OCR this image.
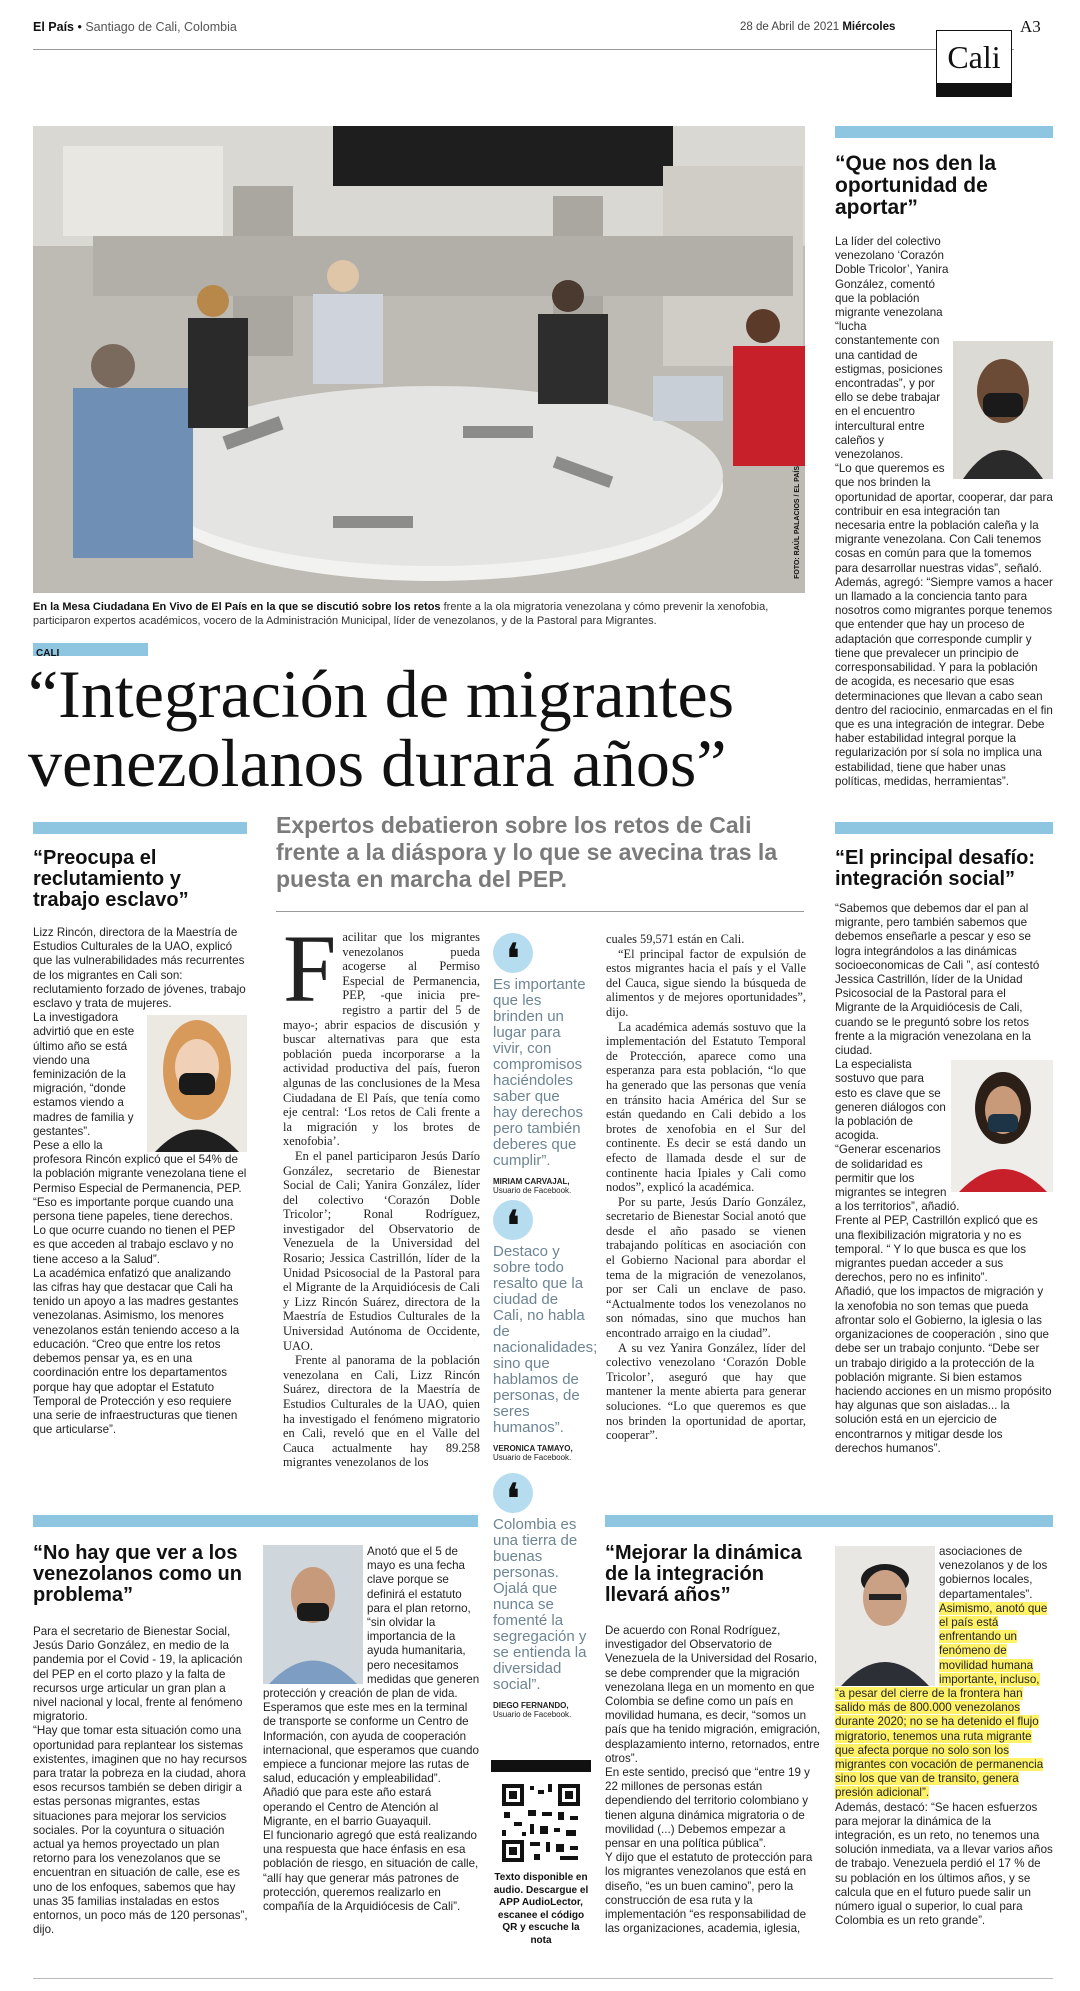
El País • Santiago de Cali, Colombia	28 de Abril de 2021 Miércoles	A3
Cali
FOTO: RAÚL PALACIOS / EL PAÍS
En la Mesa Ciudadana En Vivo de El País en la que se discutió sobre los retos frente a la ola migratoria venezolana y cómo prevenir la xenofobia, participaron expertos académicos, vocero de la Administración Municipal, líder de venezolanos, y de la Pastoral para Migrantes.
CALI
“Integración de migrantes
venezolanos durará años”
Expertos debatieron sobre los retos de Cali frente a la diáspora y lo que se avecina tras la puesta en marcha del PEP.
“Que nos den la oportunidad de aportar”

La líder del colectivo venezolano ‘Corazón Doble Tricolor’, Yanira González, comentó que la población migrante venezolana “lucha constantemente con una cantidad de estigmas, posiciones encontradas”, y por ello se debe trabajar en el encuentro intercultural entre caleños y venezolanos.

“Lo que queremos es que nos brinden la oportunidad de aportar, cooperar, dar para contribuir en esa integración tan necesaria entre la población caleña y la migrante venezolana. Con Cali tenemos cosas en común para que la tomemos para desarrollar nuestras vidas”, señaló.

Además, agregó: “Siempre vamos a hacer un llamado a la conciencia tanto para nosotros como migrantes porque tenemos que entender que hay un proceso de adaptación que corresponde cumplir y tiene que prevalecer un principio de corresponsabilidad. Y para la población de acogida, es necesario que esas determinaciones que llevan a cabo sean dentro del raciocinio, enmarcadas en el fin que es una integración de integrar. Debe haber estabilidad integral porque la regularización por sí sola no implica una estabilidad, tiene que haber unas políticas, medidas, herramientas”.

“Preocupa el reclutamiento y trabajo esclavo”

Lizz Rincón, directora de la Maestría de Estudios Culturales de la UAO, explicó que las vulnerabilidades más recurrentes de los migrantes en Cali son: reclutamiento forzado de jóvenes, trabajo esclavo y trata de mujeres.

La investigadora advirtió que en este último año se está viendo una feminización de la migración, “donde estamos viendo a madres de familia y gestantes”.

Pese a ello la profesora Rincón explicó que el 54% de la población migrante venezolana tiene el Permiso Especial de Permanencia, PEP.

“Eso es importante porque cuando una persona tiene papeles, tiene derechos. Lo que ocurre cuando no tienen el PEP es que acceden al trabajo esclavo y no tiene acceso a la Salud”.

La académica enfatizó que analizando las cifras hay que destacar que Cali ha tenido un apoyo a las madres gestantes venezolanas. Asimismo, los menores venezolanos están teniendo acceso a la educación. “Creo que entre los retos debemos pensar ya, es en una coordinación entre los departamentos porque hay que adoptar el Estatuto Temporal de Protección y eso requiere una serie de infraestructuras que tienen que articularse”.

F acilitar que los migrantes venezolanos pueda acogerse al Permiso Especial de Permanencia, PEP, -que inicia pre-registro a partir del 5 de mayo-; abrir espacios de discusión y buscar alternativas para que esta población pueda incorporarse a la actividad productiva del país, fueron algunas de las conclusiones de la Mesa Ciudadana de El País, que tenía como eje central: ‘Los retos de Cali frente a la migración y los brotes de xenofobia’.

En el panel participaron Jesús Darío González, secretario de Bienestar Social de Cali; Yanira González, líder del colectivo ‘Corazón Doble Tricolor’; Ronal Rodríguez, investigador del Observatorio de Venezuela de la Universidad del Rosario; Jessica Castrillón, líder de la Unidad Psicosocial de la Pastoral para el Migrante de la Arquidiócesis de Cali y Lizz Rincón Suárez, directora de la Maestría de Estudios Culturales de la Universidad Autónoma de Occidente, UAO.

Frente al panorama de la población venezolana en Cali, Lizz Rincón Suárez, directora de la Maestría de Estudios Culturales de la UAO, quien ha investigado el fenómeno migratorio en Cali, reveló que en el Valle del Cauca actualmente hay 89.258 migrantes venezolanos de los

❛
Es importante que les brinden un lugar para vivir, con compromisos haciéndoles saber que hay derechos pero también deberes que cumplir”.
MIRIAM CARVAJAL,
Usuario de Facebook.
❛
Destaco y sobre todo resalto que la ciudad de Cali, no habla de nacionalidades; sino que hablamos de personas, de seres humanos”.
VERONICA TAMAYO,
Usuario de Facebook.
❛
Colombia es una tierra de buenas personas. Ojalá que nunca se fomenté la segregación y se entienda la diversidad social”.
DIEGO FERNANDO,
Usuario de Facebook.

cuales 59,571 están en Cali.

“El principal factor de expulsión de estos migrantes hacia el país y el Valle del Cauca, sigue siendo la búsqueda de alimentos y de mejores oportunidades”, dijo.

La académica además sostuvo que la implementación del Estatuto Temporal de Protección, aparece como una esperanza para esta población, “lo que ha generado que las personas que venía en tránsito hacia América del Sur se están quedando en Cali debido a los brotes de xenofobia en el Sur del continente. Es decir se está dando un efecto de llamada desde el sur de continente hacia Ipiales y Cali como nodos”, explicó la académica.

Por su parte, Jesús Darío González, secretario de Bienestar Social anotó que desde el año pasado se vienen trabajando políticas en asociación con el Gobierno Nacional para abordar el tema de la migración de venezolanos, por ser Cali un enclave de paso. “Actualmente todos los venezolanos no son nómadas, sino que muchos han encontrado arraigo en la ciudad”.

A su vez Yanira González, líder del colectivo venezolano ‘Corazón Doble Tricolor’, aseguró que hay que mantener la mente abierta para generar soluciones. “Lo que queremos es que nos brinden la oportunidad de aportar, cooperar”.

“El principal desafío: integración social”

“Sabemos que debemos dar el pan al migrante, pero también sabemos que debemos enseñarle a pescar y eso se logra integrándolos a las dinámicas socioeconomicas de Cali ”, así contestó Jessica Castrillón, líder de la Unidad Psicosocial de la Pastoral para el Migrante de la Arquidiócesis de Cali, cuando se le preguntó sobre los retos frente a la migración venezolana en la ciudad.

La especialista sostuvo que para esto es clave que se generen diálogos con la población de acogida.

“Generar escenarios de solidaridad es permitir que los migrantes se integren a los territorios”, añadió.

Frente al PEP, Castrillón explicó que es una flexibilización migratoria y no es temporal. “ Y lo que busca es que los migrantes puedan acceder a sus derechos, pero no es infinito”.

Añadió, que los impactos de migración y la xenofobia no son temas que pueda afrontar solo el Gobierno, la iglesia o las organizaciones de cooperación , sino que debe ser un trabajo conjunto. “Debe ser un trabajo dirigido a la protección de la población migrante. Si bien estamos haciendo acciones en un mismo propósito hay algunas que son aisladas... la solución está en un ejercicio de encontrarnos y mitigar desde los derechos humanos”.

“No hay que ver a los venezolanos como un problema”

Para el secretario de Bienestar Social, Jesús Dario González, en medio de la pandemia por el Covid - 19, la aplicación del PEP en el corto plazo y la falta de recursos urge articular un gran plan a nivel nacional y local, frente al fenómeno migratorio.

“Hay que tomar esta situación como una oportunidad para replantear los sistemas existentes, imaginen que no hay recursos para tratar la pobreza en la ciudad, ahora esos recursos también se deben dirigir a estas personas migrantes, estas situaciones para mejorar los servicios sociales. Por la coyuntura o situación actual ya hemos proyectado un plan retorno para los venezolanos que se encuentran en situación de calle, ese es uno de los enfoques, sabemos que hay unas 35 familias instaladas en estos entornos, un poco más de 120 personas”, dijo.

Anotó que el 5 de mayo es una fecha clave porque se definirá el estatuto para el plan retorno, “sin olvidar la importancia de la ayuda humanitaria, pero necesitamos medidas que generen protección y creación de plan de vida. Esperamos que este mes en la terminal de transporte se conforme un Centro de Información, con ayuda de cooperación internacional, que esperamos que cuando empiece a funcionar mejore las rutas de salud, educación y empleabilidad”.

Añadió que para este año estará operando el Centro de Atención al Migrante, en el barrio Guayaquil.

El funcionario agregó que está realizando una respuesta que hace énfasis en esa población de riesgo, en situación de calle, “allí hay que generar más patrones de protección, queremos realizarlo en compañía de la Arquidiócesis de Cali”.

Texto disponible en audio. Descargue el APP AudioLector, escanee el código QR y escuche la nota
“Mejorar la dinámica de la integración llevará años”

De acuerdo con Ronal Rodríguez, investigador del Observatorio de Venezuela de la Universidad del Rosario, se debe comprender que la migración venezolana llega en un momento en que Colombia se define como un país en movilidad humana, es decir, “somos un país que ha tenido migración, emigración, desplazamiento interno, retornados, entre otros”.

En este sentido, precisó que “entre 19 y 22 millones de personas están dependiendo del territorio colombiano y tienen alguna dinámica migratoria o de movilidad (...) Debemos empezar a pensar en una política pública”.

Y dijo que el estatuto de protección para los migrantes venezolanos que está en diseño, “es un buen camino”, pero la construcción de esa ruta y la implementación “es responsabilidad de las organizaciones, academia, iglesia,

asociaciones de venezolanos y de los gobiernos locales, departamentales”.

Asimismo, anotó que el país está enfrentando un fenómeno de movilidad humana importante, incluso, “a pesar del cierre de la frontera han salido más de 800.000 venezolanos durante 2020; no se ha detenido el flujo migratorio, tenemos una ruta migrante que afecta porque no solo son los migrantes con vocación de permanencia sino los que van de transito, genera presión adicional”.

Además, destacó: “Se hacen esfuerzos para mejorar la dinámica de la integración, es un reto, no tenemos una solución inmediata, va a llevar varios años de trabajo. Venezuela perdió el 17 % de su población en los últimos años, y se calcula que en el futuro puede salir un número igual o superior, lo cual para Colombia es un reto grande”.
